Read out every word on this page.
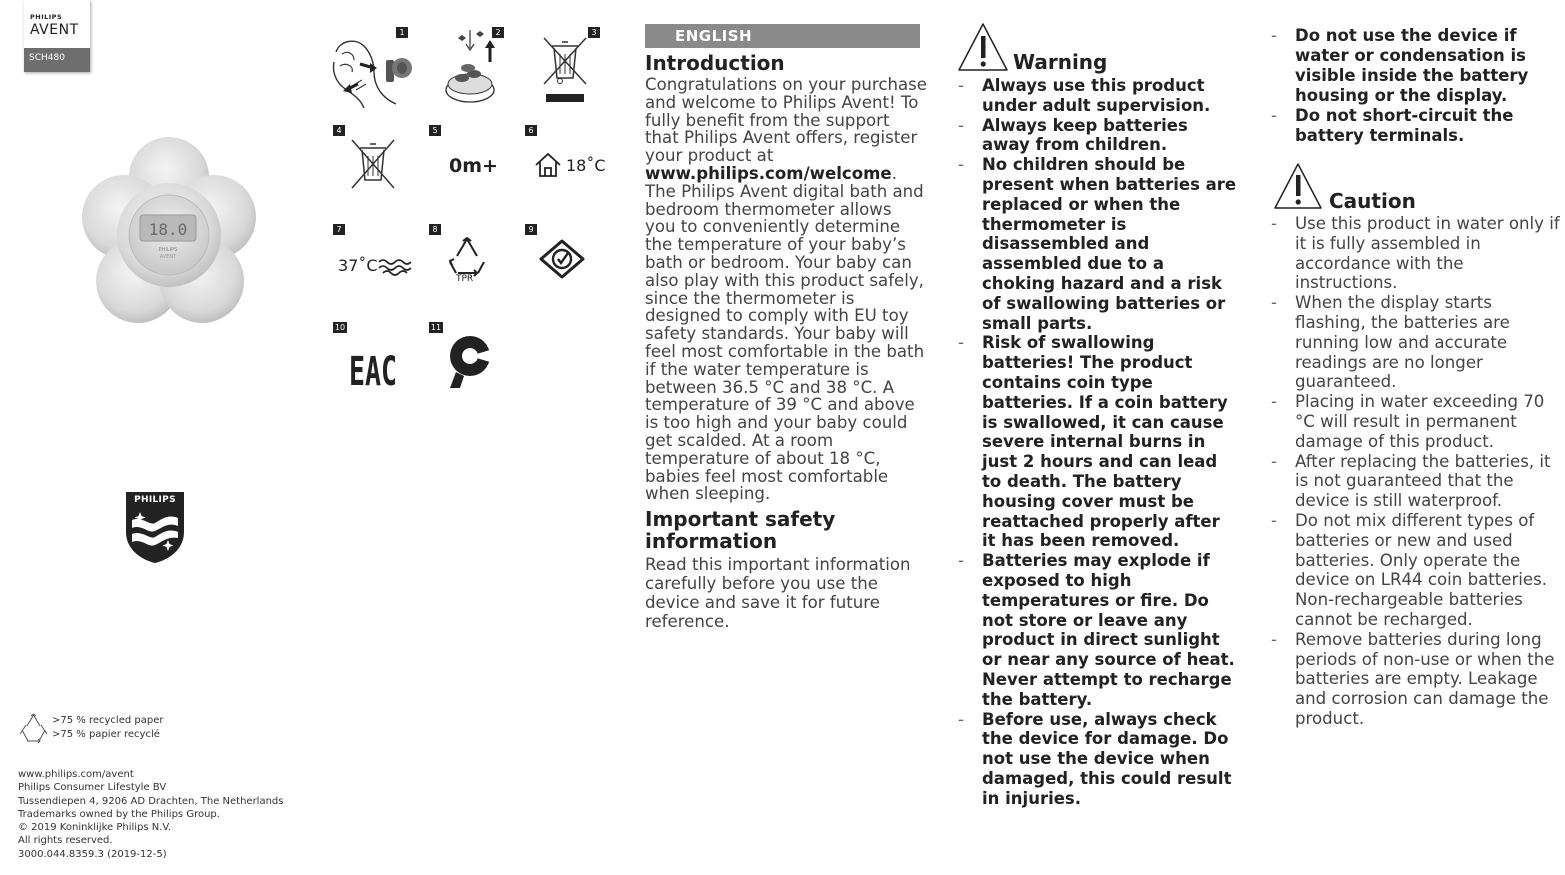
PHILIPS
AVENT
SCH480
18.0
PHILIPS
AVENT
PHILIPS
>75 % recycled paper
>75 % papier recyclé
www.philips.com/avent
Philips Consumer Lifestyle BV
Tussendiepen 4, 9206 AD Drachten, The Netherlands
Trademarks owned by the Philips Group.
© 2019 Koninklijke Philips N.V.
All rights reserved.
3000.044.8359.3 (2019-12-5)
1	2	3
4	5	6
7	8	9
10	11
0m+	18˚C
37˚C
TPR
EAC
ENGLISH
Introduction

Congratulations on your purchase and welcome to Philips Avent! To fully benefit from the support that Philips Avent offers, register your product at www.philips.com/welcome.

The Philips Avent digital bath and bedroom thermometer allows you to conveniently determine the temperature of your baby’s bath or bedroom. Your baby can also play with this product safely, since the thermometer is designed to comply with EU toy safety standards. Your baby will feel most comfortable in the bath if the water temperature is between 36.5 °C and 38 °C. A temperature of 39 °C and above is too high and your baby could get scalded. At a room temperature of about 18 °C, babies feel most comfortable when sleeping.

Important safety information

Read this important information carefully before you use the device and save it for future reference.

Warning
- Always use this product under adult supervision.
- Always keep batteries away from children.
- No children should be present when batteries are replaced or when the thermometer is disassembled and assembled due to a choking hazard and a risk of swallowing batteries or small parts.
- Risk of swallowing batteries! The product contains coin type batteries. If a coin battery is swallowed, it can cause severe internal burns in just 2 hours and can lead to death. The battery housing cover must be reattached properly after it has been removed.
- Batteries may explode if exposed to high temperatures or fire. Do not store or leave any product in direct sunlight or near any source of heat. Never attempt to recharge the battery.
- Before use, always check the device for damage. Do not use the device when damaged, this could result in injuries.
- Do not use the device if water or condensation is visible inside the battery housing or the display.
- Do not short-circuit the battery terminals.
Caution
- Use this product in water only if it is fully assembled in accordance with the instructions.
- When the display starts flashing, the batteries are running low and accurate readings are no longer guaranteed.
- Placing in water exceeding 70 °C will result in permanent damage of this product.
- After replacing the batteries, it is not guaranteed that the device is still waterproof.
- Do not mix different types of batteries or new and used batteries. Only operate the device on LR44 coin batteries. Non-rechargeable batteries cannot be recharged.
- Remove batteries during long periods of non-use or when the batteries are empty. Leakage and corrosion can damage the product.
